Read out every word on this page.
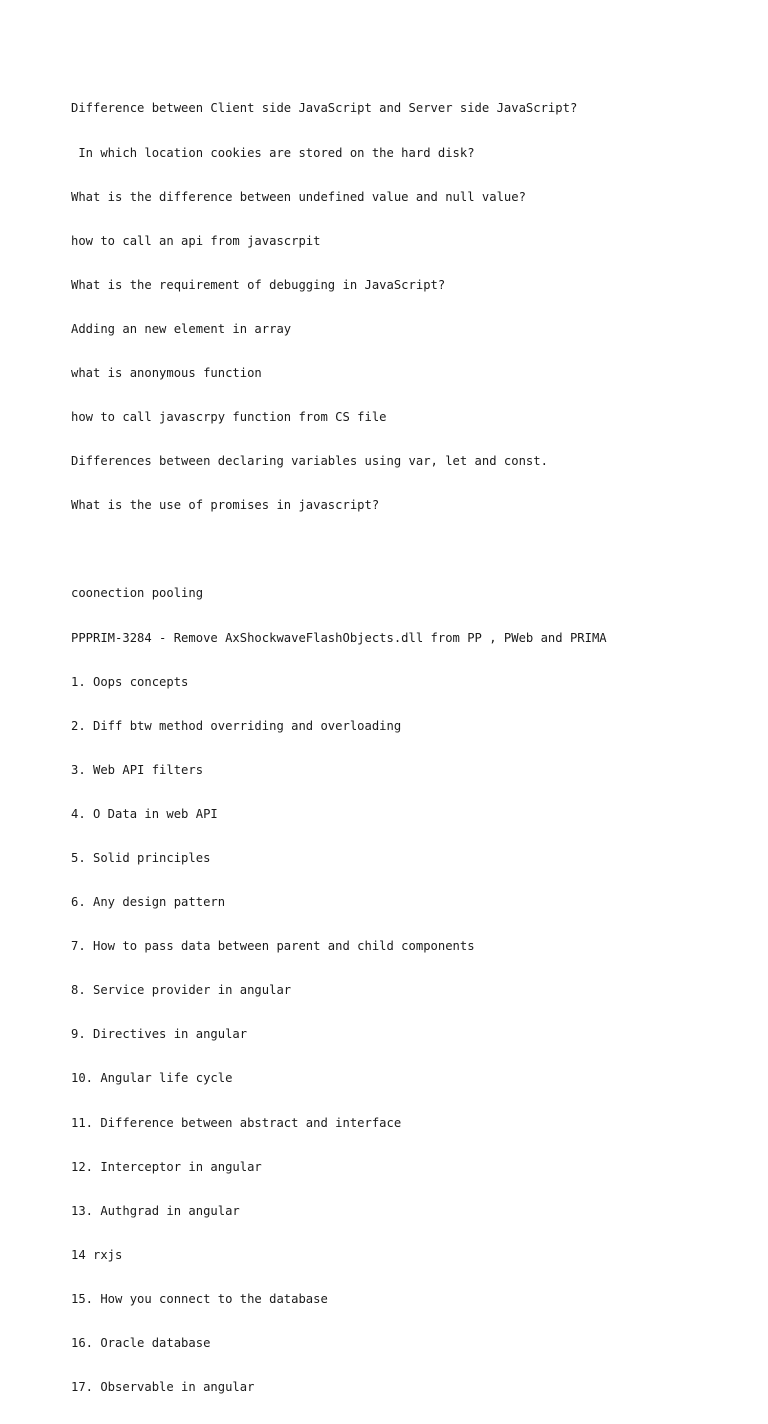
Difference between Client side JavaScript and Server side JavaScript?

In which location cookies are stored on the hard disk?

What is the difference between undefined value and null value?

how to call an api from javascrpit

What is the requirement of debugging in JavaScript?

Adding an new element in array

what is anonymous function

how to call javascrpy function from CS file

Differences between declaring variables using var, let and const.

What is the use of promises in javascript?

coonection pooling

PPPRIM-3284 - Remove AxShockwaveFlashObjects.dll from PP , PWeb and PRIMA

1. Oops concepts

2. Diff btw method overriding and overloading

3. Web API filters

4. O Data in web API

5. Solid principles

6. Any design pattern

7. How to pass data between parent and child components

8. Service provider in angular

9. Directives in angular

10. Angular life cycle

11. Difference between abstract and interface

12. Interceptor in angular

13. Authgrad in angular

14 rxjs

15. How you connect to the database

16. Oracle database

17. Observable in angular
